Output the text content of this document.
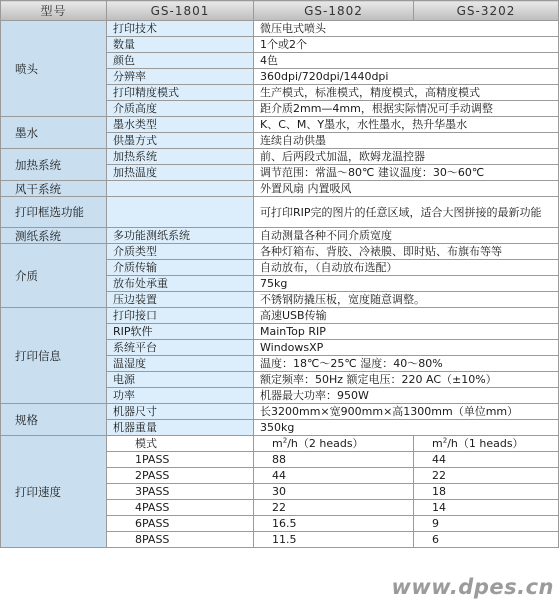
型号	GS-1801	GS-1802	GS-3202
喷头	打印技术	微压电式喷头	
	数量	1个或2个	
	颜色	4色	
	分辨率	360dpi/720dpi/1440dpi	
	打印精度模式	生产模式，标准模式，精度模式，高精度模式	
	介质高度	距介质2mm—4mm，根据实际情况可手动调整	
墨水	墨水类型	K、C、M、Y墨水，水性墨水，热升华墨水	
	供墨方式	连续自动供墨	
加热系统	加热系统	前、后两段式加温，欧姆龙温控器	
	加热温度	调节范围：常温～80℃ 建议温度：30～60℃	
风干系统		外置风扇 内置吸风	
打印框选功能		可打印RIP完的图片的任意区域，适合大图拼接的最新功能	
测纸系统	多功能测纸系统	自动测量各种不同介质宽度	
介质	介质类型	各种灯箱布、背胶、冷裱膜、即时贴、布旗布等等	
	介质传输	自动放布，（自动放布选配）	
	放布处承重	75kg	
	压边装置	不锈钢防撬压板，宽度随意调整。	
打印信息	打印接口	高速USB传输	
	RIP软件	MainTop RIP	
	系统平台	WindowsXP	
	温湿度	温度：18℃～25℃ 湿度：40～80%	
	电源	额定频率：50Hz 额定电压：220 AC（±10%）	
	功率	机器最大功率：950W	
规格	机器尺寸	长3200mm×宽900mm×高1300mm（单位mm）	
	机器重量	350kg	
打印速度	模式	$m^2/h(2$ heads）	$m^2/h(1$ heads）
	1PASS	88	44
	2PASS	44	22
	3PASS	30	18
	4PASS	22	14
	6PASS	16.5	9
	8PASS	11.5	6
www.dpes.cn
